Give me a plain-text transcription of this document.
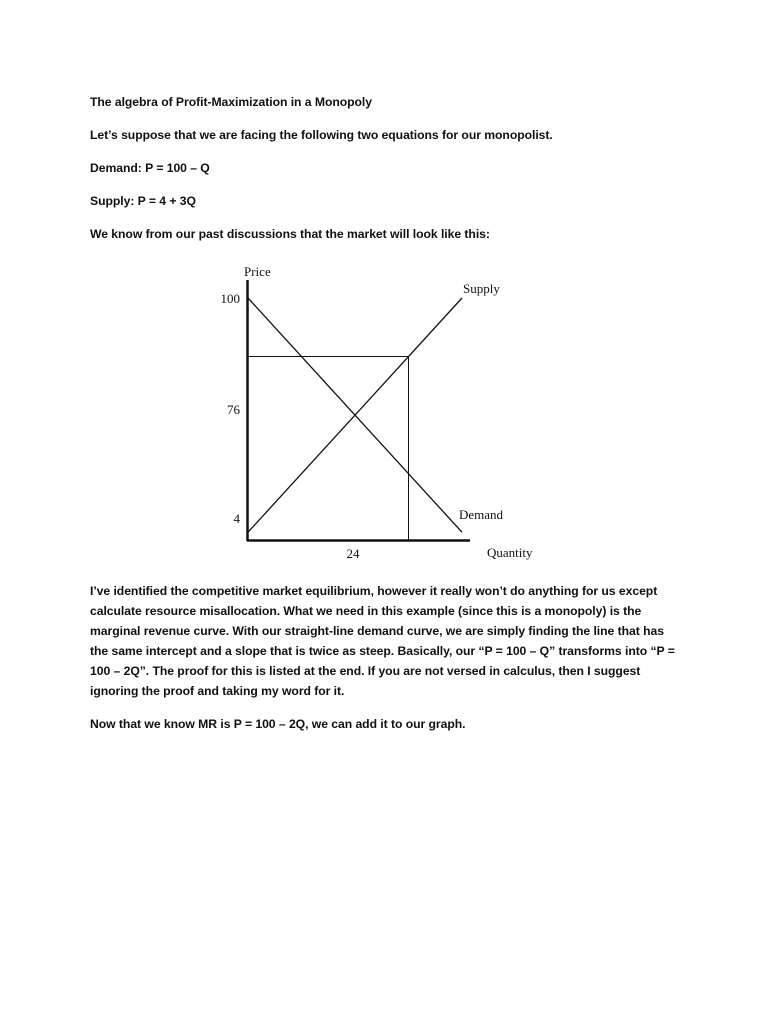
The algebra of Profit-Maximization in a Monopoly

Let’s suppose that we are facing the following two equations for our monopolist.

Demand: P = 100 – Q

Supply: P = 4 + 3Q

We know from our past discussions that the market will look like this:

Price
Quantity
100
76
4
24
Supply
Demand

I’ve identified the competitive market equilibrium, however it really won’t do anything for us except calculate resource misallocation. What we need in this example (since this is a monopoly) is the marginal revenue curve. With our straight-line demand curve, we are simply finding the line that has the same intercept and a slope that is twice as steep. Basically, our “P = 100 – Q” transforms into “P = 100 – 2Q”. The proof for this is listed at the end. If you are not versed in calculus, then I suggest ignoring the proof and taking my word for it.

Now that we know MR is P = 100 – 2Q, we can add it to our graph.
